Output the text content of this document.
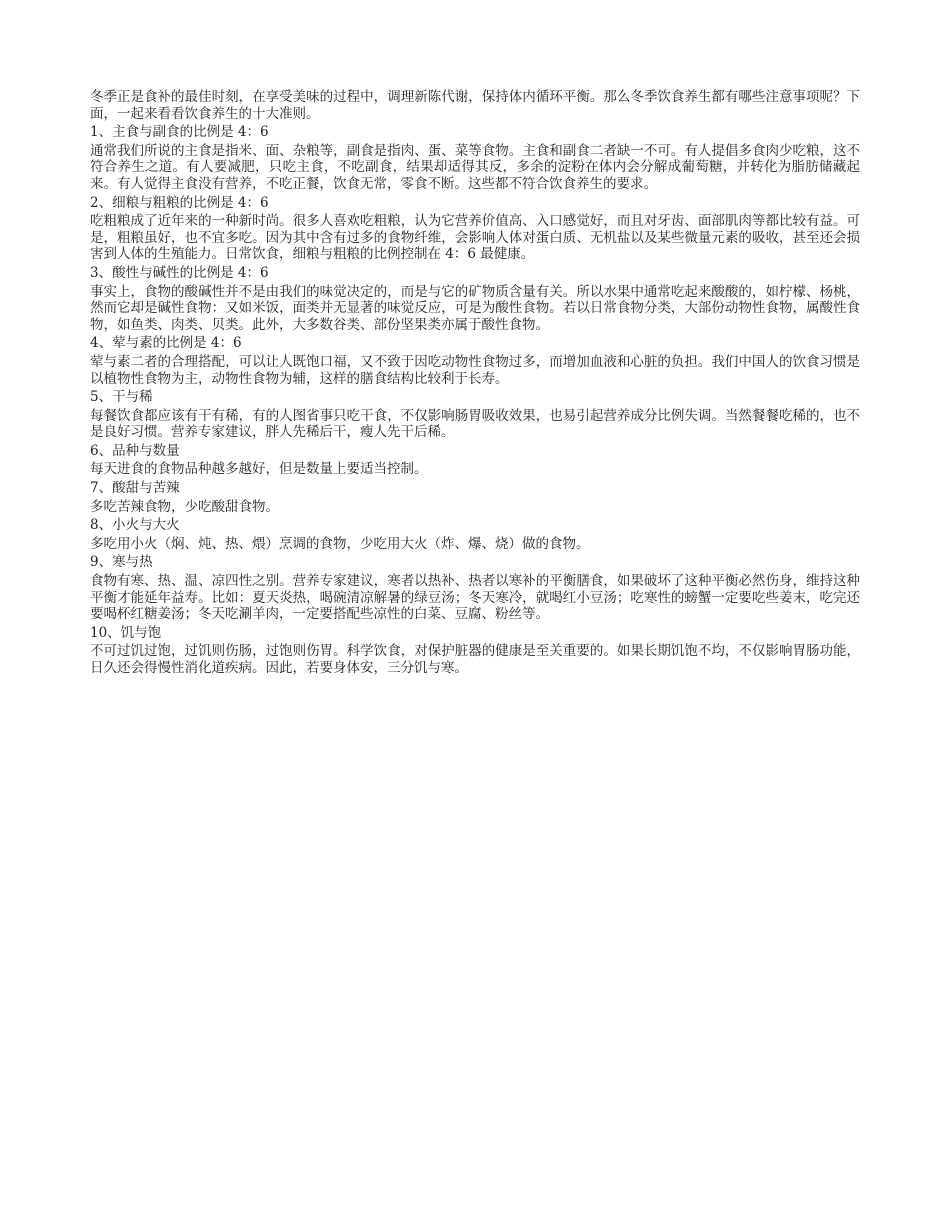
冬季正是食补的最佳时刻，在享受美味的过程中，调理新陈代谢，保持体内循环平衡。那么冬季饮食养生都有哪些注意事项呢？下面，一起来看看饮食养生的十大准则。

1、主食与副食的比例是 4：6

通常我们所说的主食是指米、面、杂粮等，副食是指肉、蛋、菜等食物。主食和副食二者缺一不可。有人提倡多食肉少吃粮，这不符合养生之道。有人要减肥，只吃主食，不吃副食，结果却适得其反，多余的淀粉在体内会分解成葡萄糖，并转化为脂肪储藏起来。有人觉得主食没有营养，不吃正餐，饮食无常，零食不断。这些都不符合饮食养生的要求。

2、细粮与粗粮的比例是 4：6

吃粗粮成了近年来的一种新时尚。很多人喜欢吃粗粮，认为它营养价值高、入口感觉好，而且对牙齿、面部肌肉等都比较有益。可是，粗粮虽好，也不宜多吃。因为其中含有过多的食物纤维，会影响人体对蛋白质、无机盐以及某些微量元素的吸收，甚至还会损害到人体的生殖能力。日常饮食，细粮与粗粮的比例控制在 4：6 最健康。

3、酸性与碱性的比例是 4：6

事实上，食物的酸碱性并不是由我们的味觉决定的，而是与它的矿物质含量有关。所以水果中通常吃起来酸酸的，如柠檬、杨桃，然而它却是碱性食物：又如米饭，面类并无显著的味觉反应，可是为酸性食物。若以日常食物分类，大部份动物性食物，属酸性食物，如鱼类、肉类、贝类。此外，大多数谷类、部份坚果类亦属于酸性食物。

4、荤与素的比例是 4：6

荤与素二者的合理搭配，可以让人既饱口福，又不致于因吃动物性食物过多，而增加血液和心脏的负担。我们中国人的饮食习惯是以植物性食物为主，动物性食物为辅，这样的膳食结构比较利于长寿。

5、干与稀

每餐饮食都应该有干有稀，有的人图省事只吃干食，不仅影响肠胃吸收效果，也易引起营养成分比例失调。当然餐餐吃稀的，也不是良好习惯。营养专家建议，胖人先稀后干，瘦人先干后稀。

6、品种与数量

每天进食的食物品种越多越好，但是数量上要适当控制。

7、酸甜与苦辣

多吃苦辣食物，少吃酸甜食物。

8、小火与大火

多吃用小火（焖、炖、热、煨）烹调的食物，少吃用大火（炸、爆、烧）做的食物。

9、寒与热

食物有寒、热、温、凉四性之别。营养专家建议，寒者以热补、热者以寒补的平衡膳食，如果破坏了这种平衡必然伤身，维持这种平衡才能延年益寿。比如：夏天炎热，喝碗清凉解暑的绿豆汤；冬天寒冷，就喝红小豆汤；吃寒性的螃蟹一定要吃些姜末，吃完还要喝杯红糖姜汤；冬天吃涮羊肉，一定要搭配些凉性的白菜、豆腐、粉丝等。

10、饥与饱

不可过饥过饱，过饥则伤肠，过饱则伤胃。科学饮食，对保护脏器的健康是至关重要的。如果长期饥饱不均，不仅影响胃肠功能，日久还会得慢性消化道疾病。因此，若要身体安，三分饥与寒。
